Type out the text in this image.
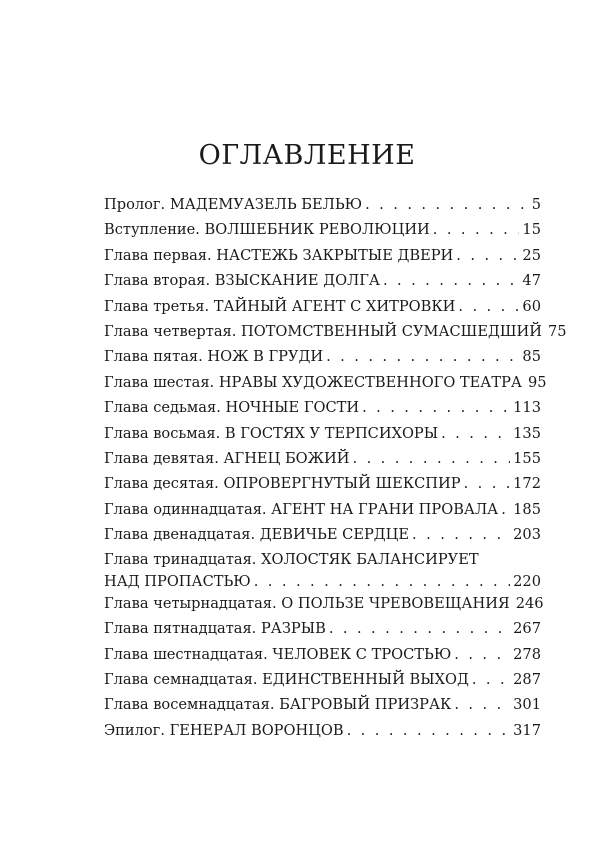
ОГЛАВЛЕНИЕ
Пролог. МАДЕМУАЗЕЛЬ БЕЛЬЮ . . .	5
Вступление. ВОЛШЕБНИК РЕВОЛЮЦИИ . . .	15
Глава первая. НАСТЕЖЬ ЗАКРЫТЫЕ ДВЕРИ . . .	25
Глава вторая. ВЗЫСКАНИЕ ДОЛГА . . .	47
Глава третья. ТАЙНЫЙ АГЕНТ С ХИТРОВКИ . . .	60
Глава четвертая. ПОТОМСТВЕННЫЙ СУМАСШЕДШИЙ 75
Глава пятая. НОЖ В ГРУДИ . . .	85
Глава шестая. НРАВЫ ХУДОЖЕСТВЕННОГО ТЕАТРА 95
Глава седьмая. НОЧНЫЕ ГОСТИ . . .	113
Глава восьмая. В ГОСТЯХ У ТЕРПСИХОРЫ . . .	135
Глава девятая. АГНЕЦ БОЖИЙ . . .	155
Глава десятая. ОПРОВЕРГНУТЫЙ ШЕКСПИР . . .	172
Глава одиннадцатая. АГЕНТ НА ГРАНИ ПРОВАЛА . . . 185
Глава двенадцатая. ДЕВИЧЬЕ СЕРДЦЕ . . .	203
Глава тринадцатая. ХОЛОСТЯК БАЛАНСИРУЕТ
НАД ПРОПАСТЬЮ . . .	220
Глава четырнадцатая. О ПОЛЬЗЕ ЧРЕВОВЕЩАНИЯ 246
Глава пятнадцатая. РАЗРЫВ . . .	267
Глава шестнадцатая. ЧЕЛОВЕК С ТРОСТЬЮ . . .	278
Глава семнадцатая. ЕДИНСТВЕННЫЙ ВЫХОД . . .	287
Глава восемнадцатая. БАГРОВЫЙ ПРИЗРАК . . .	301
Эпилог. ГЕНЕРАЛ ВОРОНЦОВ . . .	317
